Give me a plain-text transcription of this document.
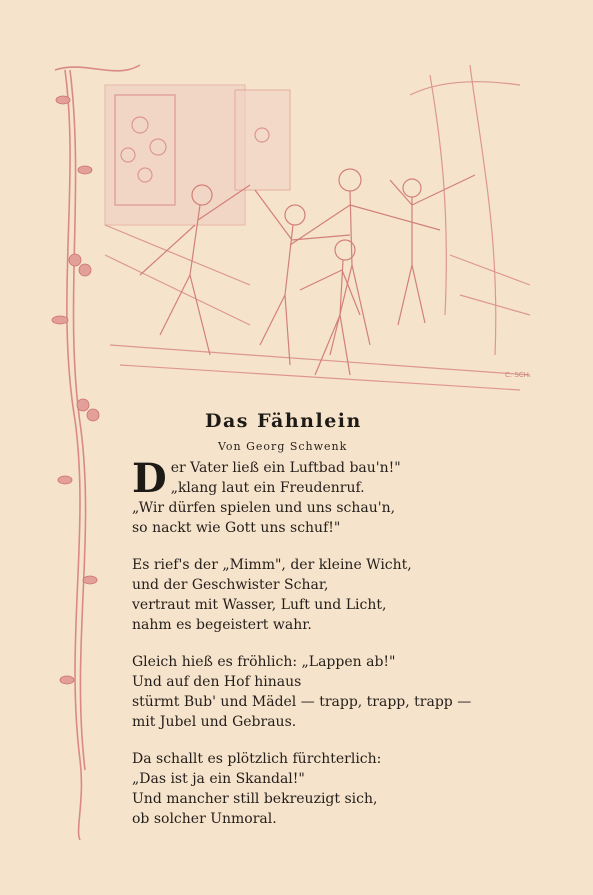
C. SCH.
Das Fähnlein
Von Georg Schwenk
D er Vater ließ ein Luftbad bau'n!"
„klang laut ein Freudenruf.
„Wir dürfen spielen und uns schau'n,
so nackt wie Gott uns schuf!"
Es rief's der „Mimm", der kleine Wicht,
und der Geschwister Schar,
vertraut mit Wasser, Luft und Licht,
nahm es begeistert wahr.
Gleich hieß es fröhlich: „Lappen ab!"
Und auf den Hof hinaus
stürmt Bub' und Mädel — trapp, trapp, trapp —
mit Jubel und Gebraus.
Da schallt es plötzlich fürchterlich:
„Das ist ja ein Skandal!"
Und mancher still bekreuzigt sich,
ob solcher Unmoral.
